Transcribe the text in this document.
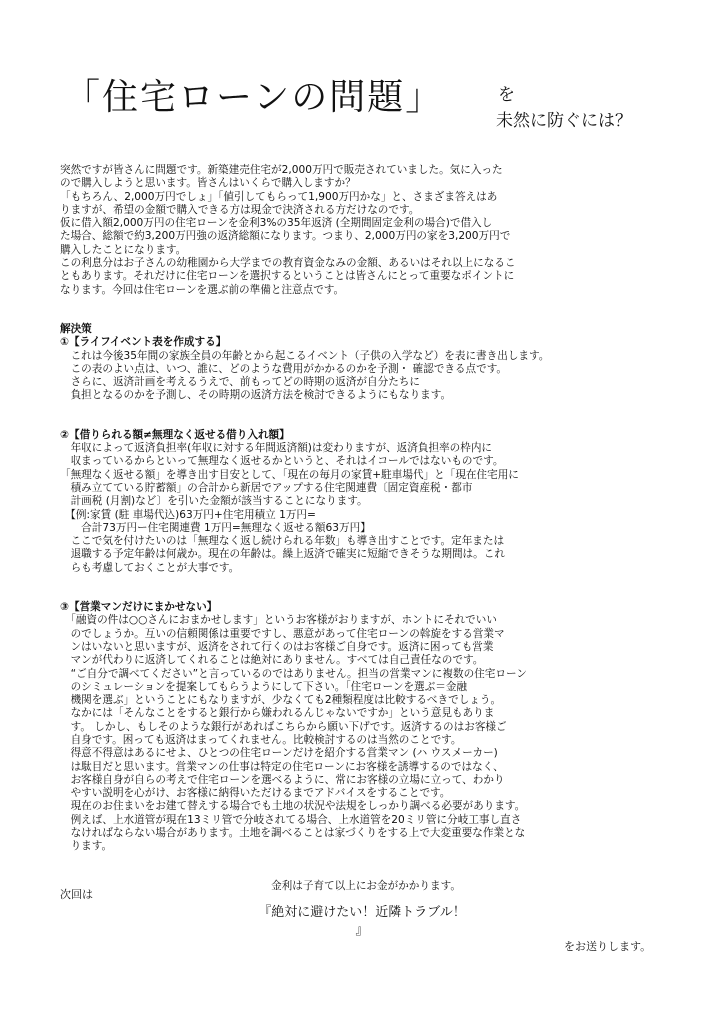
「住宅ローンの問題」	を
未然に防ぐには？

突然ですが皆さんに問題です。新築建売住宅が2,000万円で販売されていました。気に入った
ので購入しようと思います。皆さんはいくらで購入しますか？
「もちろん、2,000万円でしょ」「値引してもらって1,900万円かな」と、さまざま答えはあ
りますが、希望の金額で購入できる方は現金で決済される方だけなのです。
仮に借入額2,000万円の住宅ローンを金利3%の35年返済 (全期間固定金利の場合)で借入し
た場合、総額で約3,200万円強の返済総額になります。つまり、2,000万円の家を3,200万円で
購入したことになります。
この利息分はお子さんの幼稚園から大学までの教育資金なみの金額、あるいはそれ以上になるこ
ともあります。それだけに住宅ローンを選択するということは皆さんにとって重要なポイントに
なります。今回は住宅ローンを選ぶ前の準備と注意点です。

解決策
①【ライフイベント表を作成する】
　これは今後35年間の家族全員の年齢とから起こるイベント（子供の入学など）を表に書き出します。
　この表のよい点は、いつ、誰に、どのような費用がかかるのかを予測・ 確認できる点です。
　さらに、返済計画を考えるうえで、前もってどの時期の返済が自分たちに
　負担となるのかを予測し、その時期の返済方法を検討できるようにもなります。
②【借りられる額≠無理なく返せる借り入れ額】
　年収によって返済負担率(年収に対する年間返済額)は変わりますが、返済負担率の枠内に
　収まっているからといって無理なく返せるかというと、それはイコールではないものです。
「無理なく返せる額」を導き出す目安として、「現在の毎月の家賃+駐車場代」と「現在住宅用に
　積み立てている貯蓄額」の合計から新居でアップする住宅関連費〔固定資産税・都市
　計画税 (月割)など〕を引いた金額が該当することになります。
　【例:家賃 (駐 車場代込)63万円+住宅用積立 1万円=
　　合計73万円ー住宅関連費 1万円=無理なく返せる額63万円】
　ここで気を付けたいのは「無理なく返し続けられる年数」も導き出すことです。定年または
　退職する予定年齢は何歳か。現在の年齢は。繰上返済で確実に短縮できそうな期間は。これ
　らも考慮しておくことが大事です。
③【営業マンだけにまかせない】
　「融資の件は○○さんにおまかせします」というお客様がおりますが、ホントにそれでいい
　のでしょうか。互いの信頼関係は重要ですし、悪意があって住宅ローンの斡旋をする営業マ
　ンはいないと思いますが、返済をされて行くのはお客様ご自身です。返済に困っても営業
　マンが代わりに返済してくれることは絶対にありません。すべては自己責任なのです。
　“ご自分で調べてください”と言っているのではありません。担当の営業マンに複数の住宅ローン
　のシミュレーションを提案してもらうようにして下さい。「住宅ローンを選ぶ＝金融
　機関を選ぶ」ということにもなりますが、少なくても2種類程度は比較するべきでしょう。
　なかには「そんなことをすると銀行から嫌われるんじゃないですか」という意見もありま
　す。 しかし、もしそのような銀行があればこちらから願い下げです。返済するのはお客様ご
　自身です。困っても返済はまってくれません。比較検討するのは当然のことです。
　得意不得意はあるにせよ、ひとつの住宅ローンだけを紹介する営業マン (ハ ウスメーカー)
　は駄目だと思います。営業マンの仕事は特定の住宅ローンにお客様を誘導するのではなく、
　お客様自身が自らの考えで住宅ローンを選べるように、常にお客様の立場に立って、わかり
　やすい説明を心がけ、お客様に納得いただけるまでアドバイスをすることです。
　現在のお住まいをお建て替えする場合でも土地の状況や法規をしっかり調べる必要があります。
　例えば、上水道管が現在13ミリ管で分岐されてる場合、上水道管を20ミリ管に分岐工事し直さ
　なければならない場合があります。土地を調べることは家づくりをする上で大変重要な作業とな
　ります。
金利は子育て以上にお金がかかります。
次回は
『絶対に避けたい！近隣トラブル！
』
をお送りします。
